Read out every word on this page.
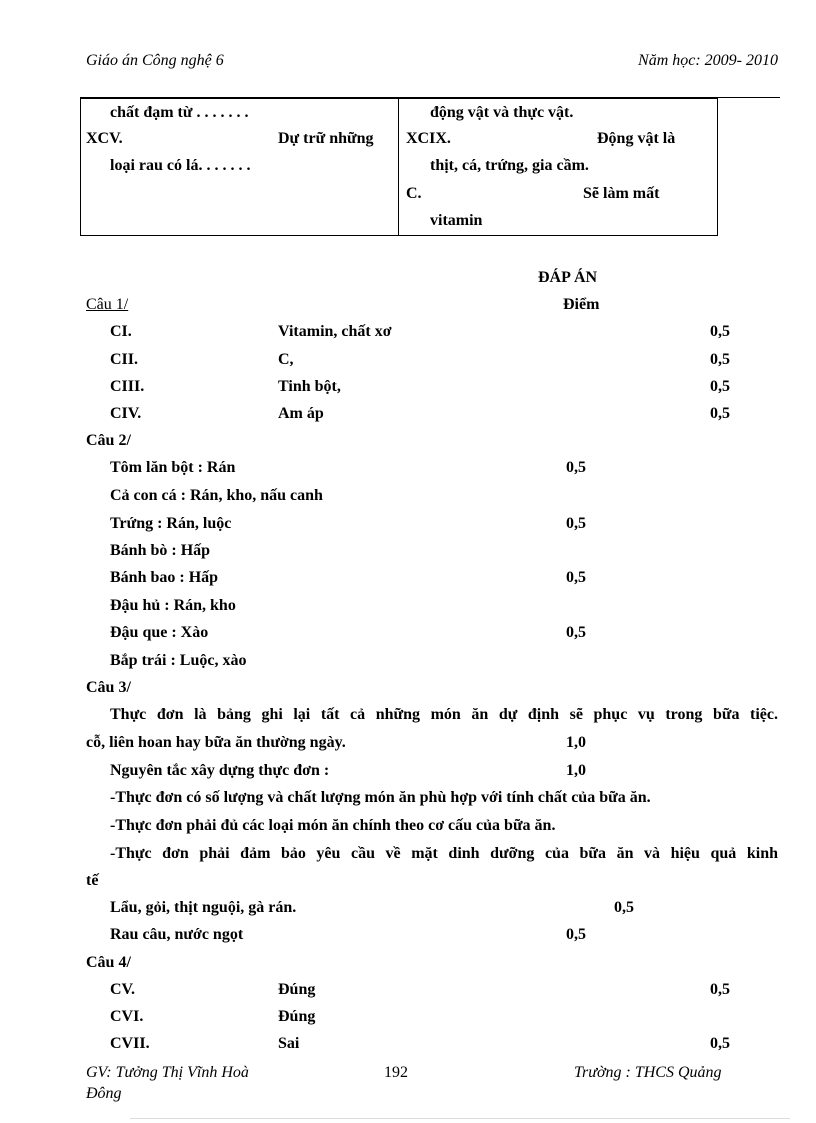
Giáo án Công nghệ 6	Năm học: 2009- 2010
chất đạm từ . . . . . . .
XCV.	Dự trữ những
loại rau có lá. . . . . . .
động vật và thực vật.
XCIX.	Động vật là
thịt, cá, trứng, gia cầm.
C.	Sẽ làm mất
vitamin
ĐÁP ÁN
Điểm
Câu 1/
CI.	Vitamin, chất xơ	0,5
CII.	C,	0,5
CIII.	Tinh bột,	0,5
CIV.	Am áp	0,5
Câu 2/
Tôm lăn bột : Rán	0,5
Cả con cá : Rán, kho, nấu canh
Trứng : Rán, luộc	0,5
Bánh bò : Hấp
Bánh bao : Hấp	0,5
Đậu hủ : Rán, kho
Đậu que : Xào	0,5
Bắp trái : Luộc, xào
Câu 3/
Thực đơn là bảng ghi lại tất cả những món ăn dự định sẽ phục vụ trong bữa tiệc.
cỗ, liên hoan hay bữa ăn thường ngày.	1,0
Nguyên tắc xây dựng thực đơn :	1,0
-Thực đơn có số lượng và chất lượng món ăn phù hợp với tính chất của bữa ăn.
-Thực đơn phải đủ các loại món ăn chính theo cơ cấu của bữa ăn.
-Thực đơn phải đảm bảo yêu cầu về mặt dinh dưỡng của bữa ăn và hiệu quả kinh
tế
Lẩu, gỏi, thịt nguội, gà rán.	0,5
Rau câu, nước ngọt	0,5
Câu 4/
CV.	Đúng	0,5
CVI.	Đúng
CVII.	Sai	0,5
GV: Tưởng Thị Vĩnh Hoà	192	Trường : THCS Quảng
Đông
